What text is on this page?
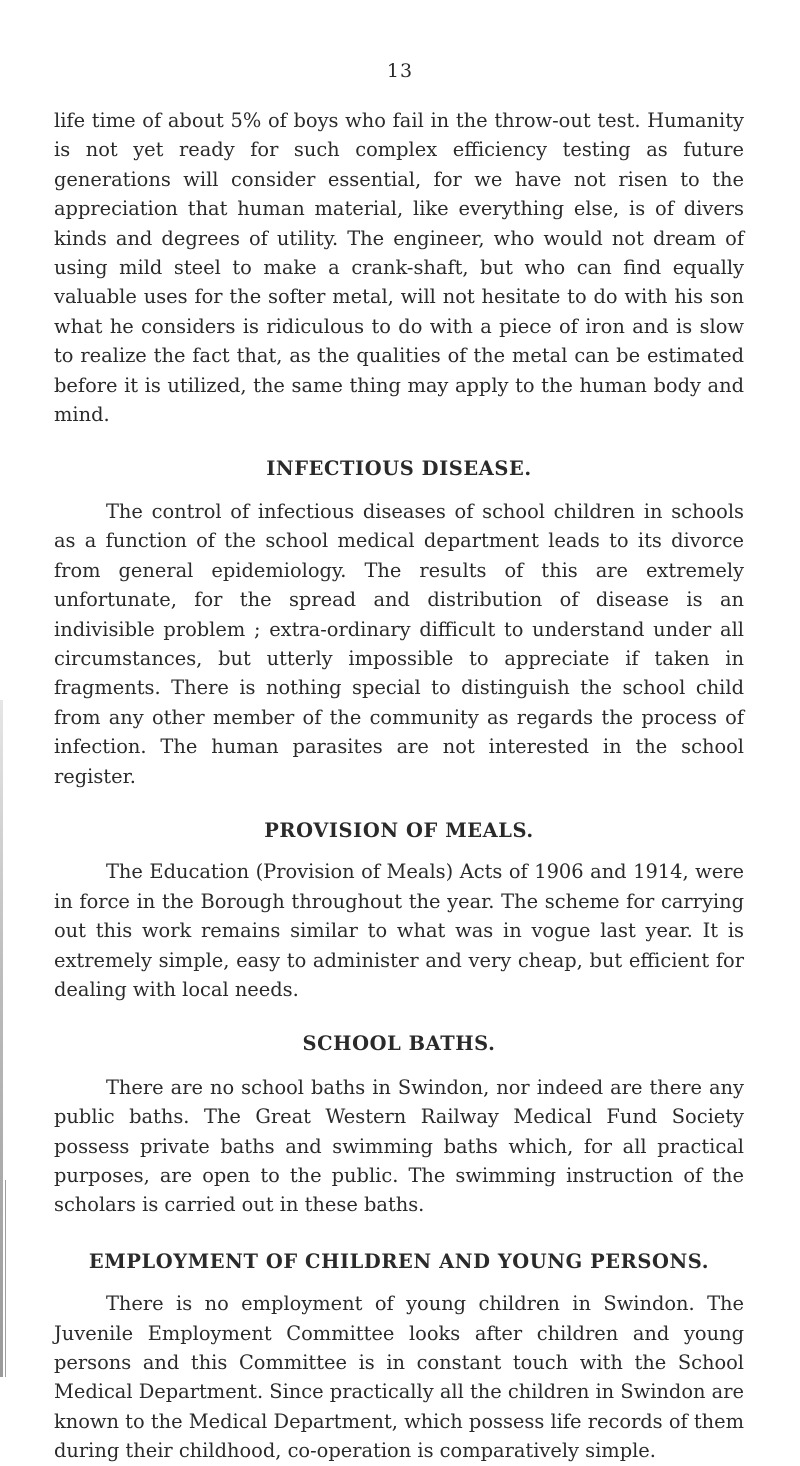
13

life time of about 5% of boys who fail in the throw-out test. Humanity is not yet ready for such complex efficiency testing as future generations will consider essential, for we have not risen to the appreciation that human material, like everything else, is of divers kinds and degrees of utility. The engineer, who would not dream of using mild steel to make a crank-shaft, but who can find equally valuable uses for the softer metal, will not hesitate to do with his son what he considers is ridiculous to do with a piece of iron and is slow to realize the fact that, as the qualities of the metal can be estimated before it is utilized, the same thing may apply to the human body and mind.

INFECTIOUS DISEASE.

The control of infectious diseases of school children in schools as a function of the school medical department leads to its divorce from general epidemiology. The results of this are extremely unfortunate, for the spread and distribution of disease is an indivisible problem ; extra-ordinary difficult to understand under all circumstances, but utterly impossible to appreciate if taken in fragments. There is nothing special to distinguish the school child from any other member of the community as regards the process of infection. The human parasites are not interested in the school register.

PROVISION OF MEALS.

The Education (Provision of Meals) Acts of 1906 and 1914, were in force in the Borough throughout the year. The scheme for carrying out this work remains similar to what was in vogue last year. It is extremely simple, easy to administer and very cheap, but efficient for dealing with local needs.

SCHOOL BATHS.

There are no school baths in Swindon, nor indeed are there any public baths. The Great Western Railway Medical Fund Society possess private baths and swimming baths which, for all practical purposes, are open to the public. The swimming instruction of the scholars is carried out in these baths.

EMPLOYMENT OF CHILDREN AND YOUNG PERSONS.

There is no employment of young children in Swindon. The Juvenile Employment Committee looks after children and young persons and this Committee is in constant touch with the School Medical Department. Since practically all the children in Swindon are known to the Medical Department, which possess life records of them during their childhood, co-operation is comparatively simple.
